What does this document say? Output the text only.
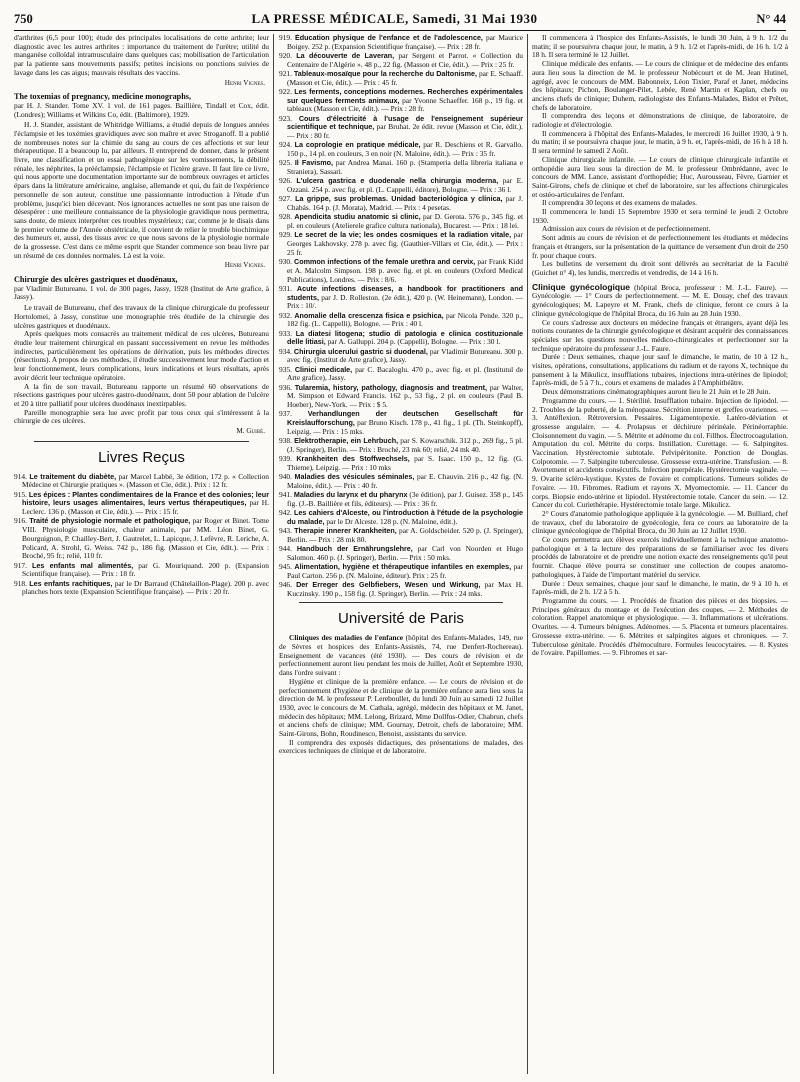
750	LA PRESSE MÉDICALE, Samedi, 31 Mai 1930	N° 44

d'arthrites (6,5 pour 100); étude des principales localisations de cette arthrite; leur diagnostic avec les autres arthrites : importance du traitement de l'urètre; utilité du manganèse colloïdal intramusculaire dans quelques cas; mobilisation de l'articulation par la patiente sans mouvements passifs; petites incisions ou ponctions suivies de lavage dans les cas aigus; mauvais résultats des vaccins.

Henri Vignes.

The toxemias of pregnancy, medicine monographs,

par H. J. Stander. Tome XV. 1 vol. de 161 pages. Baillière, Tindall et Cox, édit. (Londres); Williams et Wilkins Co, édit. (Baltimore), 1929.

H. J. Stander, assistant de Whitridge Williams, a étudié depuis de longues années l'éclampsie et les toxémies gravidiques avec son maître et avec Stroganoff. Il a publié de nombreuses notes sur la chimie du sang au cours de ces affections et sur leur thérapeutique. Il a beaucoup lu, par ailleurs. Il entreprend de donner, dans le présent livre, une classification et un essai pathogénique sur les vomissements, la débilité rénale, les néphrites, la prééclampsie, l'éclampsie et l'ictère grave. Il faut lire ce livre, qui nous apporte une documentation importante sur de nombreux ouvrages et articles épars dans la littérature américaine, anglaise, allemande et qui, du fait de l'expérience personnelle de son auteur, constitue une passionnante introduction à l'étude d'un problème, jusqu'ici bien décevant. Nos ignorances actuelles ne sont pas une raison de désespérer : une meilleure connaissance de la physiologie gravidique nous permettra, sans doute, de mieux interpréter ces troubles mystérieux; car, comme je le disais dans le premier volume de l'Année obstétricale, il convient de relier le trouble biochimique des humeurs et, aussi, des tissus avec ce que nous savons de la physiologie normale de la grossesse. C'est dans ce même esprit que Stander commence son beau livre par un résumé de ces données normales. Là est la voie.

Henri Vignes.

Chirurgie des ulcères gastriques et duodénaux,

par Vladimir Butureanu. 1 vol. de 300 pages, Jassy, 1928 (Institut de Arte grafice, à Jassy).

Le travail de Butureanu, chef des travaux de la clinique chirurgicale du professeur Hortolomei, à Jassy, constitue une monographie très étudiée de la chirurgie des ulcères gastriques et duodénaux.

Après quelques mots consacrés au traitement médical de ces ulcères, Butureanu étudie leur traitement chirurgical en passant successivement en revue les méthodes indirectes, particulièrement les opérations de dérivation, puis les méthodes directes (résections). A propos de ces méthodes, il étudie successivement leur mode d'action et leur fonctionnement, leurs complications, leurs indications et leurs résultats, après avoir décrit leur technique opératoire.

A la fin de son travail, Butureanu rapporte un résumé 60 observations de résections gastriques pour ulcères gastro-duodénaux, dont 50 pour ablation de l'ulcère et 20 à titre palliatif pour ulcères duodénaux inextirpables.

Pareille monographie sera lue avec profit par tous ceux qui s'intéressent à la chirurgie de ces ulcères.

M. Guibé.
Livres Reçus

914. Le traitement du diabète, par Marcel Labbé, 3e édition, 172 p. « Collection Médecine et Chirurgie pratiques ». (Masson et Cie, édit.). Prix : 12 fr.

915. Les épices : Plantes condimentaires de la France et des colonies; leur histoire, leurs usages alimentaires, leurs vertus thérapeutiques, par H. Leclerc. 136 p. (Masson et Cie, édit.). — Prix : 15 fr.

916. Traité de physiologie normale et pathologique, par Roger et Binet. Tome VIII. Physiologie musculaire, chaleur animale, par MM. Léon Binet, G. Bourguignon, P. Chailley-Bert, J. Gautrelet, L. Lapicque, J. Lefèvre, R. Leriche, A. Policard, A. Strohl, G. Weiss. 742 p., 186 fig. (Masson et Cie, édit.). — Prix : Broché, 95 fr.; relié, 110 fr.

917. Les enfants mal alimentés, par G. Mouriquand. 200 p. (Expansion Scientifique française). — Prix : 18 fr.

918. Les enfants rachitiques, par le Dr Barraud (Châtelaillon-Plage). 200 p. avec planches hors texte (Expansion Scientifique française). — Prix : 20 fr.

919. Éducation physique de l'enfance et de l'adolescence, par Maurice Boigey. 252 p. (Expansion Scientifique française). — Prix : 28 fr.

920. La découverte de Laveran, par Sergent et Parrot. « Collection du Centenaire de l'Algérie ». 48 p., 22 fig. (Masson et Cie, édit.). — Prix : 25 fr.

921. Tableaux-mosaïque pour la recherche du Daltonisme, par E. Schaaff. (Masson et Cie, édit.). — Prix : 45 fr.

922. Les ferments, conceptions modernes. Recherches expérimentales sur quelques ferments animaux, par Yvonne Schaeffer. 168 p., 19 fig. et tableaux (Masson et Cie, édit.). — Prix : 28 fr.

923. Cours d'électricité à l'usage de l'enseignement supérieur scientifique et technique, par Bruhat. 2e édit. revue (Masson et Cie, édit.). — Prix : 80 fr.

924. La coprologie en pratique médicale, par R. Deschiens et R. Garvallo. 150 p., 14 pl. en couleurs, 3 en noir (N. Maloine, édit.). — Prix : 35 fr.

925. Il Favismo, par Andrea Manai. 160 p. (Stamperia della libreria italiana e Straniera), Sassari.

926. L'ulcera gastrica e duodenale nella chirurgia moderna, par E. Ozzani. 254 p. avec fig. et pl. (L. Cappelli, éditore), Bologne. — Prix : 36 l.

927. La grippe, sus problemas. Unidad bacteriológica y clínica, par J. Chabás. 164 p. (J. Morata), Madrid. — Prix : 4 pesetas.

928. Apendicita studiu anatomic si clinic, par D. Gerota. 576 p., 345 fig. et pl. en couleurs (Atelierele grafice cultura nationala), Bucarest. — Prix : 18 lei.

929. Le secret de la vie; les ondes cosmiques et la radiation vitale, par Georges Lakhovsky. 278 p. avec fig. (Gauthier-Villars et Cie, édit.). — Prix : 25 fr.

930. Common infections of the female urethra and cervix, par Frank Kidd et A. Malcolm Simpson. 198 p. avec fig. et pl. en couleurs (Oxford Medical Publications), Londres. — Prix : 8/6.

931. Acute infections diseases, a handbook for practitioners and students, par J. D. Rolleston. (2e édit.), 420 p. (W. Heinemann), London. — Prix : 10/.

932. Anomalie della crescenza fisica e psichica, par Nicola Pende. 320 p., 182 fig. (L. Cappelli), Bologne. — Prix : 40 l.

933. La diatesi litogena; studio di patologia e clinica costituzionale delle litiasi, par A. Galluppi. 204 p. (Cappelli), Bologne. — Prix : 30 l.

934. Chirurgia ulcerului gastric si duodenal, par Vladimir Butureanu. 300 p. avec fig. (Institut de Arte grafice), Jassy.

935. Clinici medicale, par C. Bacaloglu. 470 p., avec fig. et pl. (Institutul de Arte grafice), Jassy.

936. Tularemia, history, pathology, diagnosis and treatment, par Walter, M. Simpson et Edward Francis. 162 p., 53 fig., 2 pl. en couleurs (Paul B. Hoeber), New-York. — Prix : $ 5.

937. Verhandlungen der deutschen Gesellschaft für Kreislaufforschung, par Bruno Kisch. 178 p., 41 fig., 1 pl. (Th. Steinkopff), Leipzig. — Prix : 15 mks.

938. Elektrotherapie, ein Lehrbuch, par S. Kowarschik. 312 p., 269 fig., 5 pl. (J. Springer), Berlin. — Prix : Broché, 23 mk 60; relié, 24 mk 40.

939. Krankheiten des Stoffwechsels, par S. Isaac. 150 p., 12 fig. (G. Thieme), Leipzig. — Prix : 10 mks

940. Maladies des vésicules séminales, par E. Chauvin. 216 p., 42 fig. (N. Maloine, édit.). — Prix : 40 fr.

941. Maladies du larynx et du pharynx (3e édition), par J. Guisez. 358 p., 145 fig. (J.-B. Baillière et fils, éditeurs). — Prix : 36 fr.

942. Les cahiers d'Alceste, ou l'introduction à l'étude de la psychologie du malade, par le Dr Alceste. 128 p. (N. Maloine, édit.).

943. Therapie innerer Krankheiten, par A. Goldscheider. 520 p. (J. Springer), Berlin. — Prix : 28 mk 80.

944. Handbuch der Ernährungslehre, par Carl von Noorden et Hugo Salomon. 460 p. (J. Springer), Berlin. — Prix : 50 mks.

945. Alimentation, hygiène et thérapeutique infantiles en exemples, par Paul Carton. 256 p. (N. Maloine, éditeur). Prix : 25 fr.

946. Der Erreger des Gelbfiebers, Wesen und Wirkung, par Max H. Kuczinsky. 190 p., 158 fig. (J. Springer), Berlin. — Prix : 24 mks.

Université de Paris

Cliniques des maladies de l'enfance (hôpital des Enfants-Malades, 149, rue de Sèvres et hospices des Enfants-Assistés, 74, rue Denfert-Rochereau). Enseignement de vacances (été 1930). — Des cours de révision et de perfectionnement auront lieu pendant les mois de Juillet, Août et Septembre 1930, dans l'ordre suivant :

Hygiène et clinique de la première enfance. — Le cours de révision et de perfectionnement d'hygiène et de clinique de la première enfance aura lieu sous la direction de M. le professeur P. Lereboullet, du lundi 30 Juin au samedi 12 Juillet 1930, avec le concours de M. Cathala, agrégé, médecin des hôpitaux et M. Janet, médecin des hôpitaux; MM. Lelong, Brizard, Mme Dollfus-Odier, Chabrun, chefs et anciens chefs de clinique; MM. Gournay, Detroit, chefs de laboratoire; MM. Saint-Girons, Bohn, Roudinesco, Benoist, assistants du service.

Il comprendra des exposés didactiques, des présentations de malades, des exercices techniques de clinique et de laboratoire.

Il commencera à l'hospice des Enfants-Assistés, le lundi 30 Juin, à 9 h. 1/2 du matin; il se poursuivra chaque jour, le matin, à 9 h. 1/2 et l'après-midi, de 16 h. 1/2 à 18 h. Il sera terminé le 12 Juillet.

Clinique médicale des enfants. — Le cours de clinique et de médecine des enfants aura lieu sous la direction de M. le professeur Nobécourt et de M. Jean Hutinel, agrégé, avec le concours de MM. Babonneix, Léon Tixier, Paraf et Janet, médecins des hôpitaux; Pichon, Boulanger-Pilet, Lebée, René Martin et Kaplan, chefs ou anciens chefs de clinique; Duhem, radiologiste des Enfants-Malades, Bidot et Prêtet, chefs de laboratoire.

Il comprendra des leçons et démonstrations de clinique, de laboratoire, de radiologie et d'électrologie.

Il commencera à l'hôpital des Enfants-Malades, le mercredi 16 Juillet 1930, à 9 h. du matin; il se poursuivra chaque jour, le matin, à 9 h. et, l'après-midi, de 16 h à 18 h. Il sera terminé le samedi 2 Août.

Clinique chirurgicale infantile. — Le cours de clinique chirurgicale infantile et orthopédie aura lieu sous la direction de M. le professeur Ombrédanne, avec le concours de MM. Lance, assistant d'orthopédie; Huc, Aurousseau, Fèvre, Garnier et Saint-Girons, chefs de clinique et chef de laboratoire, sur les affections chirurgicales et ostéo-articulaires de l'enfant.

Il comprendra 30 leçons et des examens de malades.

Il commencera le lundi 15 Septembre 1930 et sera terminé le jeudi 2 Octobre 1930.

Admission aux cours de révision et de perfectionnement.

Sont admis au cours de révision et de perfectionnement les étudiants et médecins français et étrangers, sur la présentation de la quittance de versement d'un droit de 250 fr. pour chaque cours.

Les bulletins de versement du droit sont délivrés au secrétariat de la Faculté (Guichet n° 4), les lundis, mercredis et vendredis, de 14 à 16 h.

Clinique gynécologique (hôpital Broca, professeur : M. J.-L. Faure). — Gynécologie. — 1° Cours de perfectionnement. — M. E. Douay, chef des travaux gynécologiques; M. Lapeyre et M. Frank, chefs de clinique, feront ce cours à la clinique gynécologique de l'hôpital Broca, du 16 Juin au 28 Juin 1930.

Ce cours s'adresse aux docteurs en médecine français et étrangers, ayant déjà les notions courantes de la chirurgie gynécologique et désirant acquérir des connaissances spéciales sur les questions nouvelles médico-chirurgicales et perfectionner sur la technique opératoire du professeur J.-L. Faure.

Durée : Deux semaines, chaque jour sauf le dimanche, le matin, de 10 à 12 h., visites, opérations, consultations, applications du radium et de rayons X, technique du pansement à la Mikulicz, insufflations tubaires, injections intra-utérines de lipiodol; l'après-midi, de 5 à 7 h., cours et examens de malades à l'Amphithéâtre.

Deux démonstrations cinématographiques auront lieu le 21 Juin et le 28 Juin.

Programme du cours. — 1. Stérilité. Insufflation tubaire. Injection de lipiodol. — 2. Troubles de la puberté, de la ménopause. Sécrétion interne et greffes ovariennes. — 3. Antéflexion. Rétroversion. Pessaires. Ligamentopexie. Latéro-déviation et grossesse angulaire. — 4. Prolapsus et déchirure périnéale. Périnéorraphie. Cloisonnement du vagin. — 5. Métrite et adénome du col. Fillhos. Électrocoagulation. Amputation du col. Métrite du corps. Instillation. Curettage. — 6. Salpingites. Vaccination. Hystérectomie subtotale. Pelvipéritonite. Ponction de Douglas. Colpotomie. — 7. Salpingite tuberculeuse. Grossesse extra-utérine. Transfusion. — 8. Avortement et accidents consécutifs. Infection puerpérale. Hystérectomie vaginale. — 9. Ovarite scléro-kystique. Kystes de l'ovaire et complications. Tumeurs solides de l'ovaire. — 10. Fibromes. Radium et rayons X. Myomectomie. — 11. Cancer du corps. Biopsie endo-utérine et lipiodol. Hystérectomie totale. Cancer du sein. — 12. Cancer du col. Curiethérapie. Hystérectomie totale large. Mikulicz.

2° Cours d'anatomie pathologique appliquée à la gynécologie. — M. Bulliard, chef de travaux, chef du laboratoire de gynécologie, fera ce cours au laboratoire de la clinique gynécologique de l'hôpital Broca, du 30 Juin au 12 Juillet 1930.

Ce cours permettra aux élèves exercés individuellement à la technique anatomo-pathologique et à la lecture des préparations de se familiariser avec les divers procédés de laboratoire et de prendre une notion exacte des renseignements qu'il peut fournir. Chaque élève pourra se constituer une collection de coupes anatomo-pathologiques, à l'aide de l'important matériel du service.

Durée : Deux semaines, chaque jour sauf le dimanche, le matin, de 9 à 10 h. et l'après-midi, de 2 h. 1/2 à 5 h.

Programme du cours. — 1. Procédés de fixation des pièces et des biopsies. — Principes généraux du montage et de l'exécution des coupes. — 2. Méthodes de coloration. Rappel anatomique et physiologique. — 3. Inflammations et ulcérations. Ovarites. — 4. Tumeurs bénignes. Adénomes. — 5. Placenta et tumeurs placentaires. Grossesse extra-utérine. — 6. Métrites et salpingites aigues et chroniques. — 7. Tuberculose génitale. Procédés d'hémoculture. Formules leucocytaires. — 8. Kystes de l'ovaire. Papillomes. — 9. Fibromes et sar-
